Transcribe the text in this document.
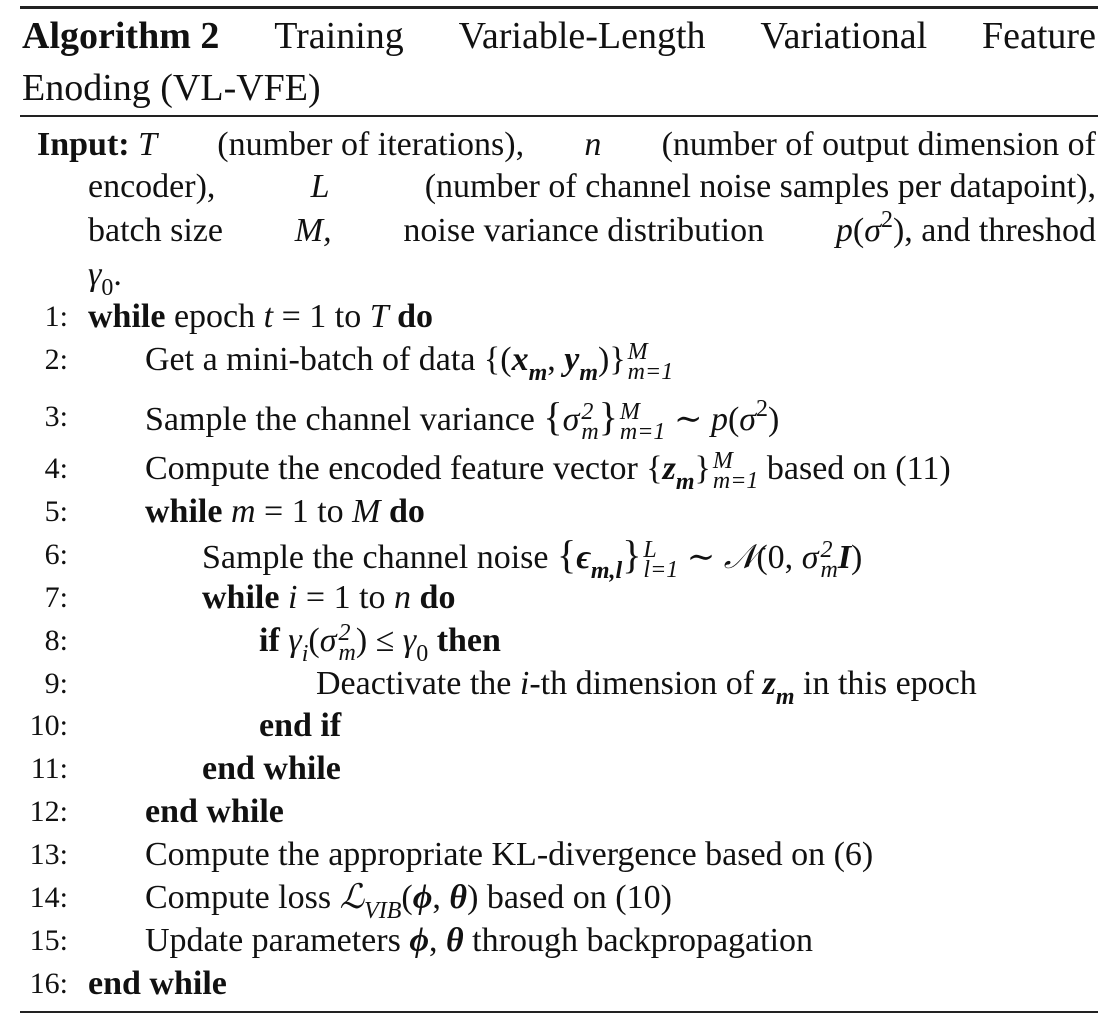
Algorithm 2 Training Variable-Length Variational Feature
Enoding (VL-VFE)
Input: T (number of iterations), n (number of output dimension of
encoder),	L	(number of channel noise samples per datapoint),
batch size M, noise variance distribution $p(\sigma^2)$, and threshod
$\gamma_0$.
1: while epoch t = 1 to T do
2: Get a mini-batch of data {($x_m$, $y_m$)} M
m=1
3: Sample the channel variance {σ 2
m } M
m=1 ∼ $p(\sigma^2)$
4: Compute the encoded feature vector $\{z_m\}$ M
m=1 based on (11)
5: while m = 1 to M do
6:	Sample the channel noise $\{\epsilon_{m,l}\}$ L
l=1 ∼ 𝒩(0, σ 2
m I)
7:	while i = 1 to n do
8:	if $\gamma_i(\sigma$ 2
m ) ≤ $\gamma_0$ then
9:	Deactivate the i-th dimension of $z_m$ in this epoch
10:	end if
11:	end while
12: end while
13: Compute the appropriate KL-divergence based on (6)
14: Compute loss ℒ$_{VIB}$(ϕ, θ) based on (10)
15: Update parameters ϕ, θ through backpropagation
16: end while
